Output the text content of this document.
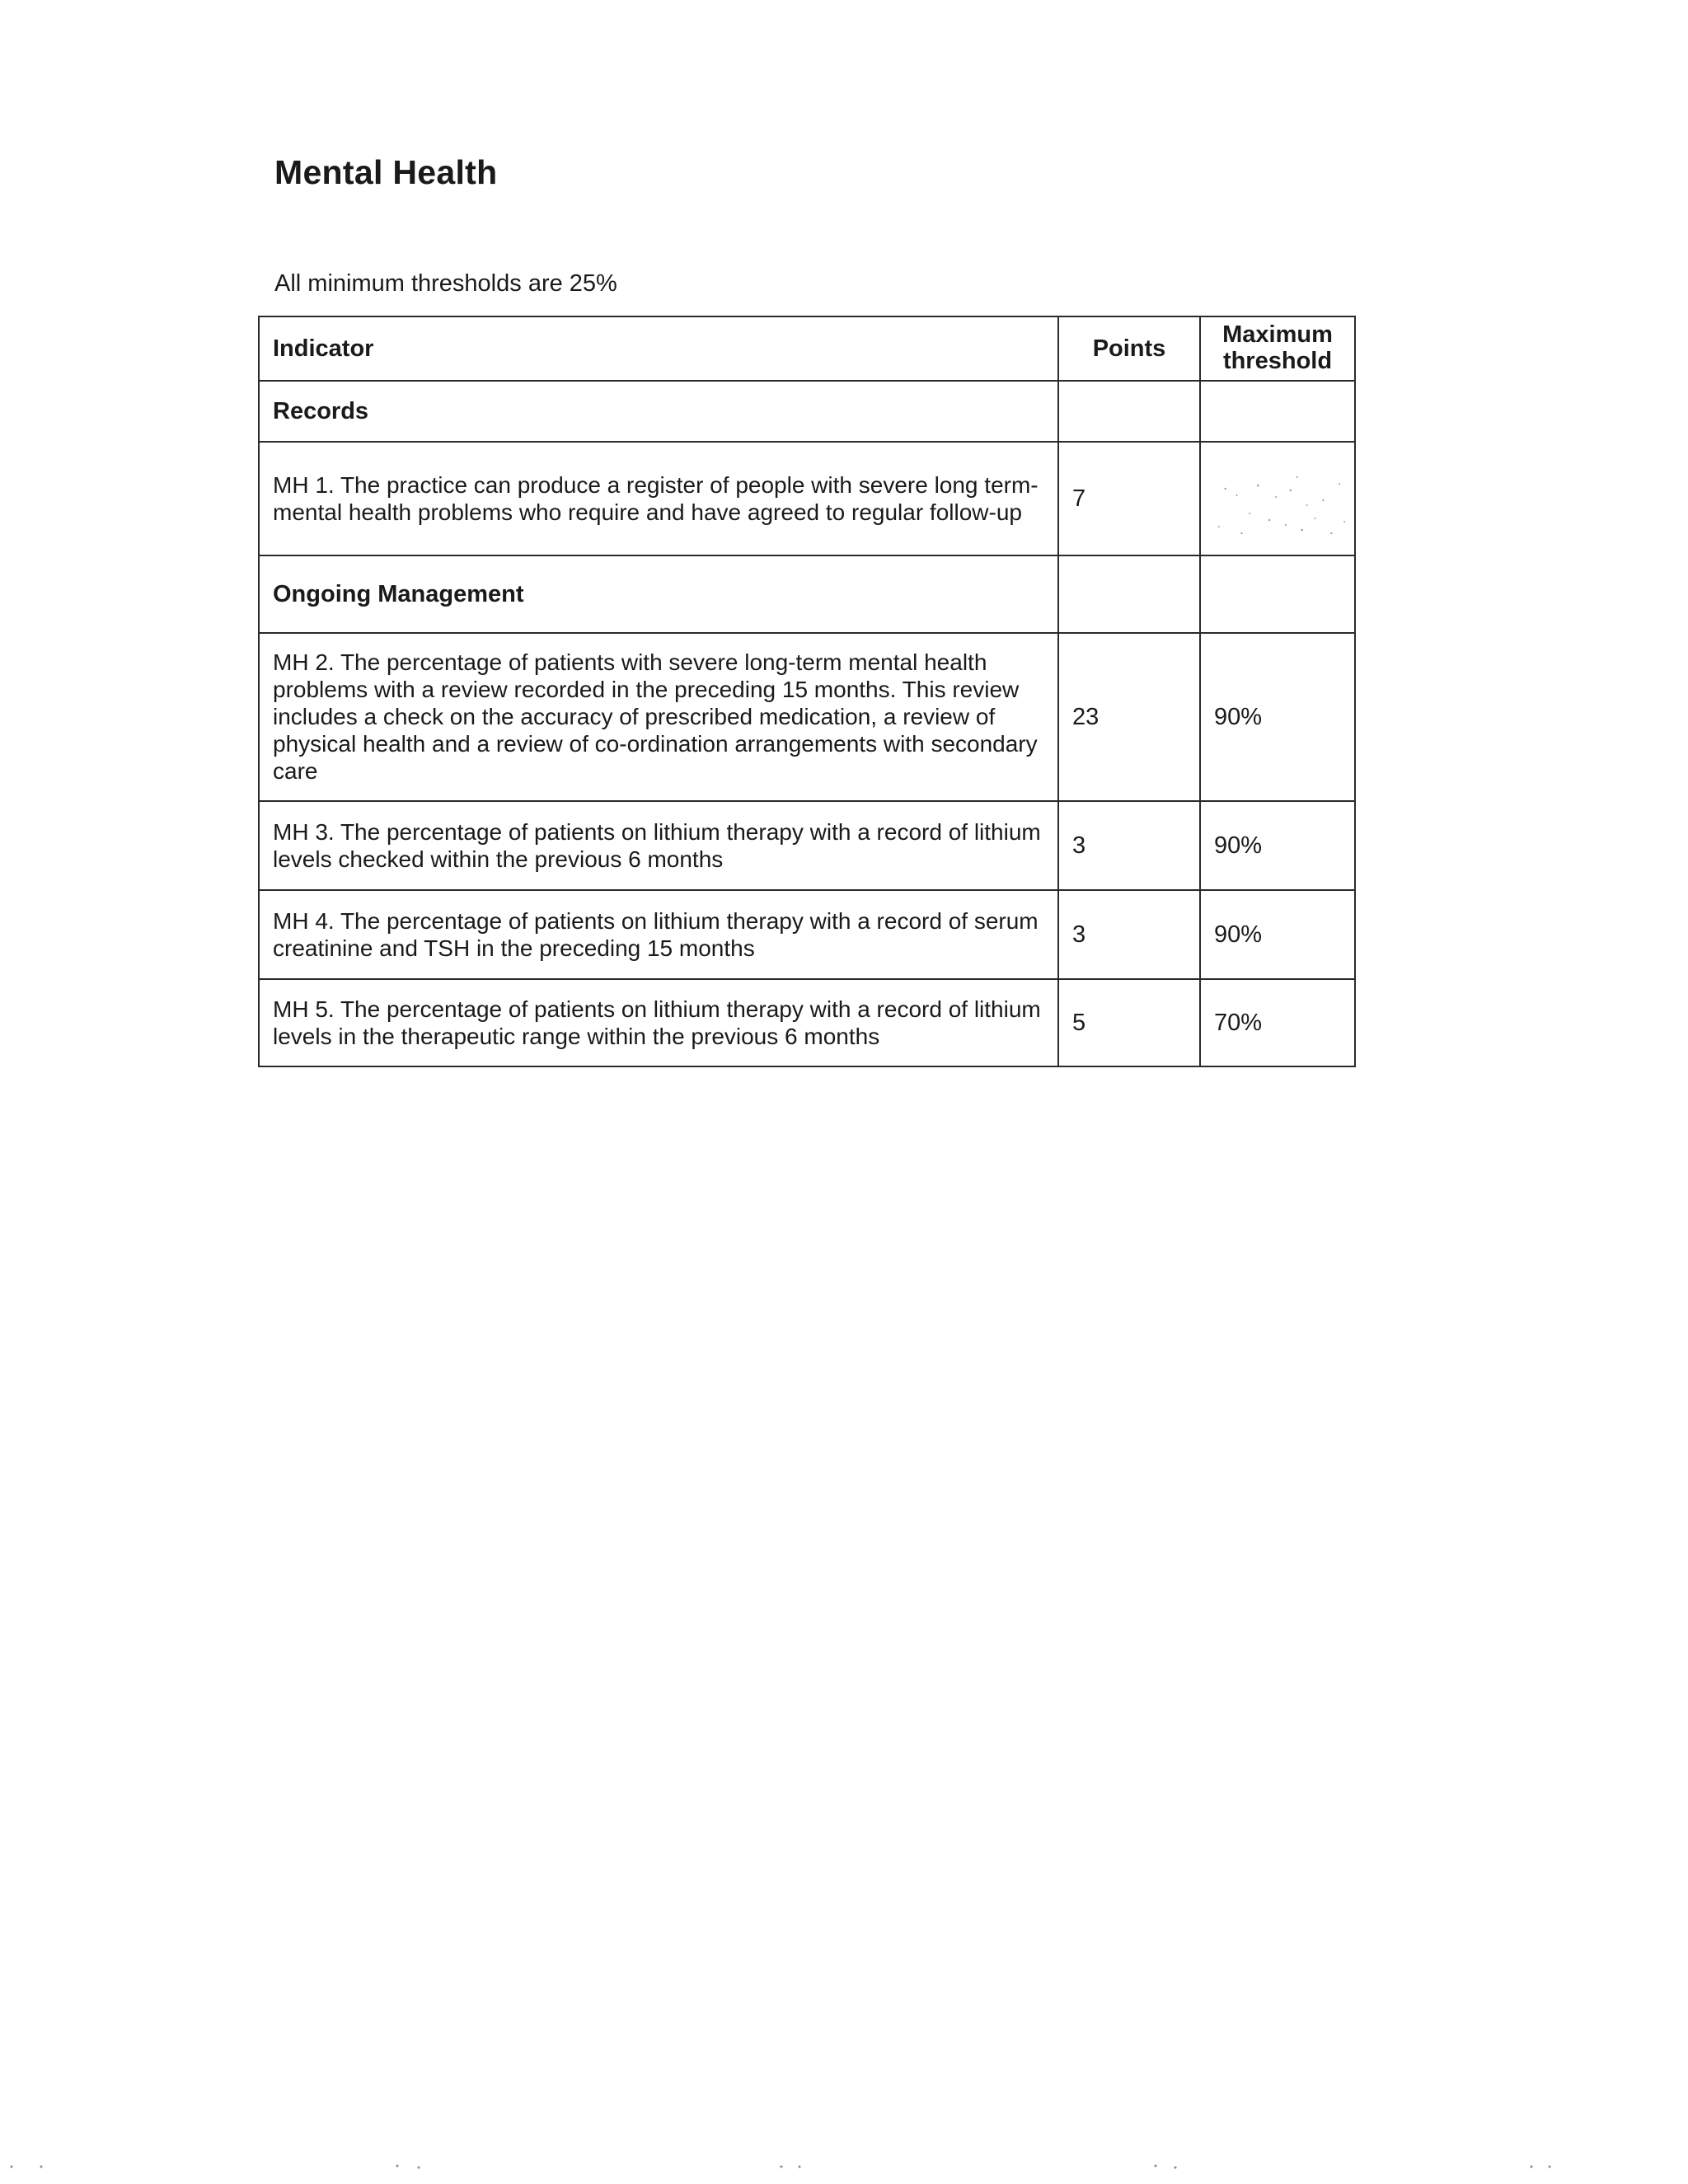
Mental Health

All minimum thresholds are 25%

Indicator	Points	Maximum threshold
Records		
MH 1. The practice can produce a register of people with severe long term-mental health problems who require and have agreed to regular follow-up	7	

Ongoing Management		
MH 2. The percentage of patients with severe long-term mental health problems with a review recorded in the preceding 15 months. This review includes a check on the accuracy of prescribed medication, a review of physical health and a review of co-ordination arrangements with secondary care	23	90%
MH 3. The percentage of patients on lithium therapy with a record of lithium levels checked within the previous 6 months	3	90%
MH 4. The percentage of patients on lithium therapy with a record of serum creatinine and TSH in the preceding 15 months	3	90%
MH 5. The percentage of patients on lithium therapy with a record of lithium levels in the therapeutic range within the previous 6 months	5	70%
